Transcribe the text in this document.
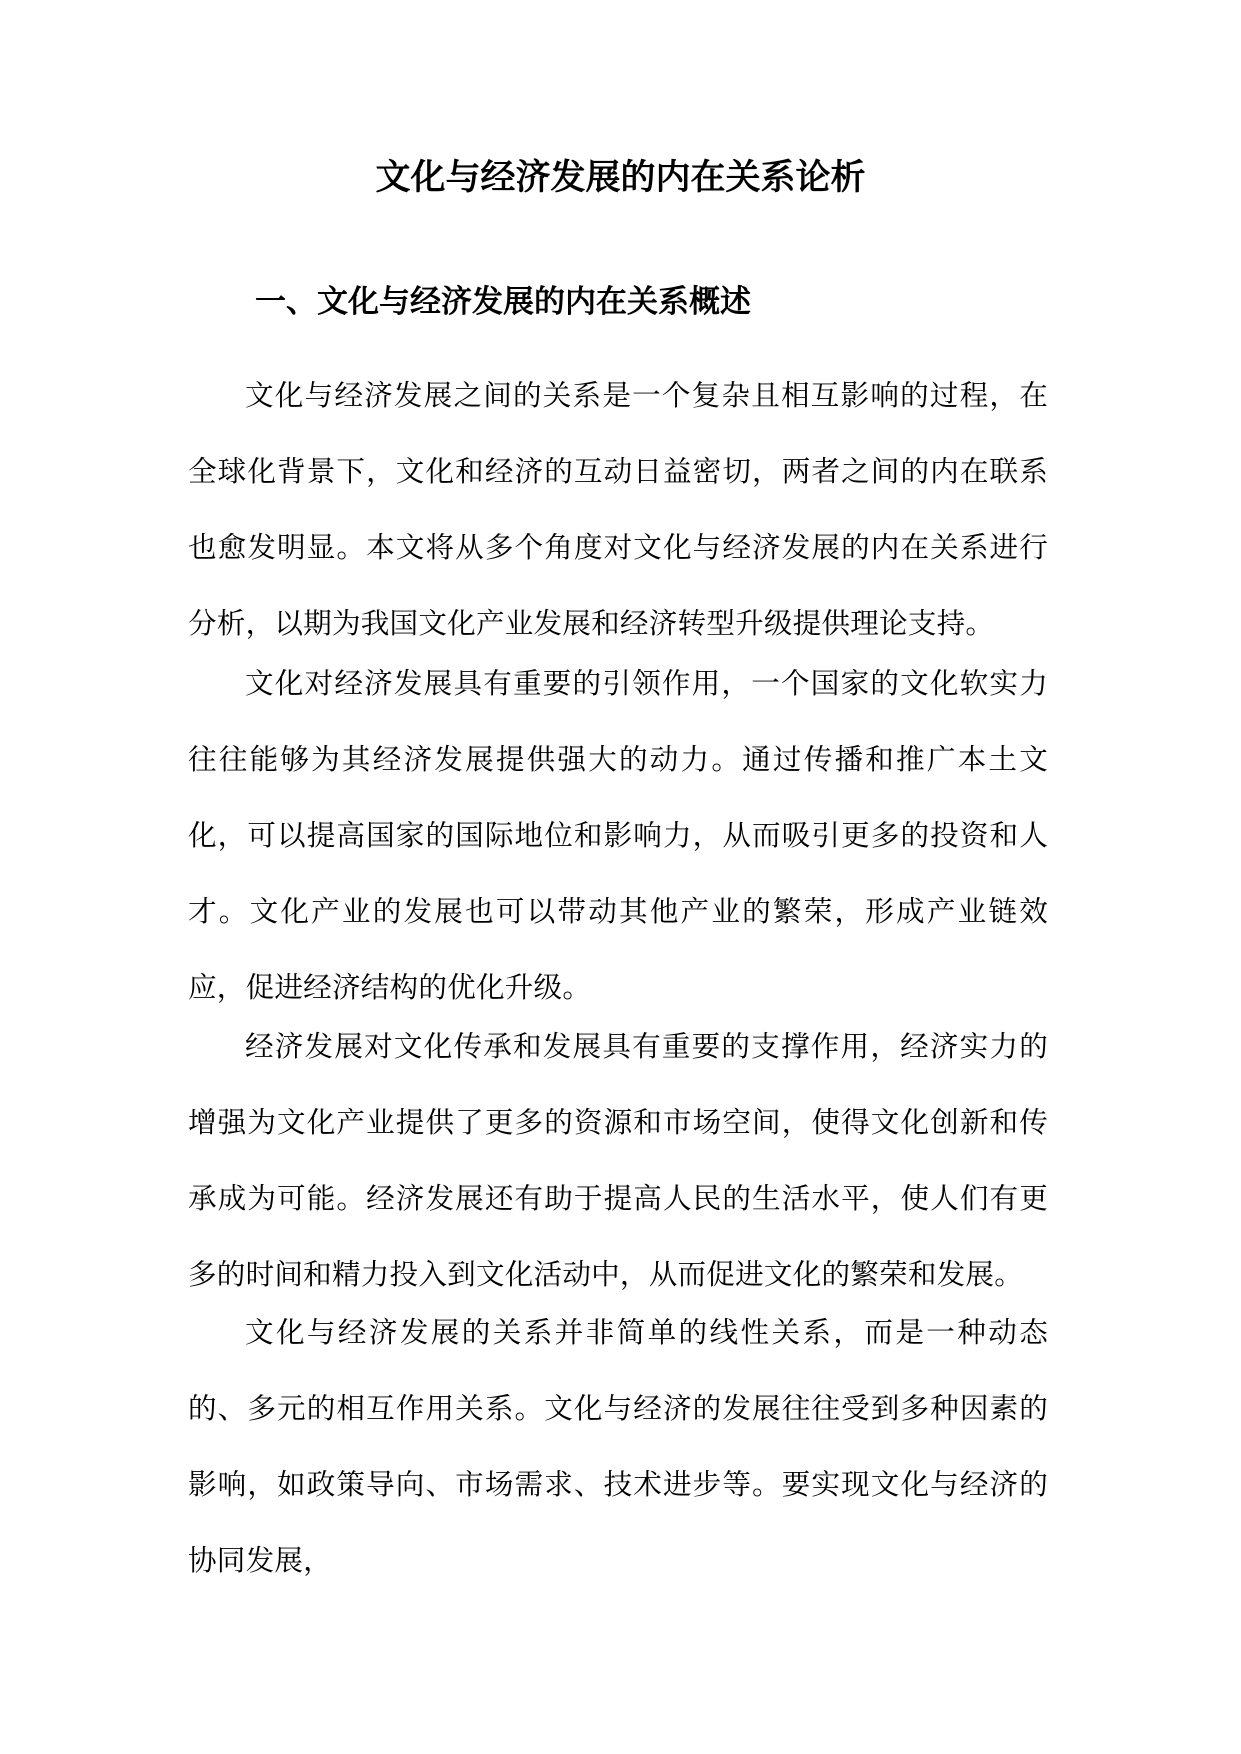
文化与经济发展的内在关系论析
一、文化与经济发展的内在关系概述

文化与经济发展之间的关系是一个复杂且相互影响的过程，在全球化背景下，文化和经济的互动日益密切，两者之间的内在联系也愈发明显。本文将从多个角度对文化与经济发展的内在关系进行分析，以期为我国文化产业发展和经济转型升级提供理论支持。

文化对经济发展具有重要的引领作用，一个国家的文化软实力往往能够为其经济发展提供强大的动力。通过传播和推广本土文化，可以提高国家的国际地位和影响力，从而吸引更多的投资和人才。文化产业的发展也可以带动其他产业的繁荣，形成产业链效应，促进经济结构的优化升级。

经济发展对文化传承和发展具有重要的支撑作用，经济实力的增强为文化产业提供了更多的资源和市场空间，使得文化创新和传承成为可能。经济发展还有助于提高人民的生活水平，使人们有更多的时间和精力投入到文化活动中，从而促进文化的繁荣和发展。

文化与经济发展的关系并非简单的线性关系，而是一种动态的、多元的相互作用关系。文化与经济的发展往往受到多种因素的影响，如政策导向、市场需求、技术进步等。要实现文化与经济的协同发展，
